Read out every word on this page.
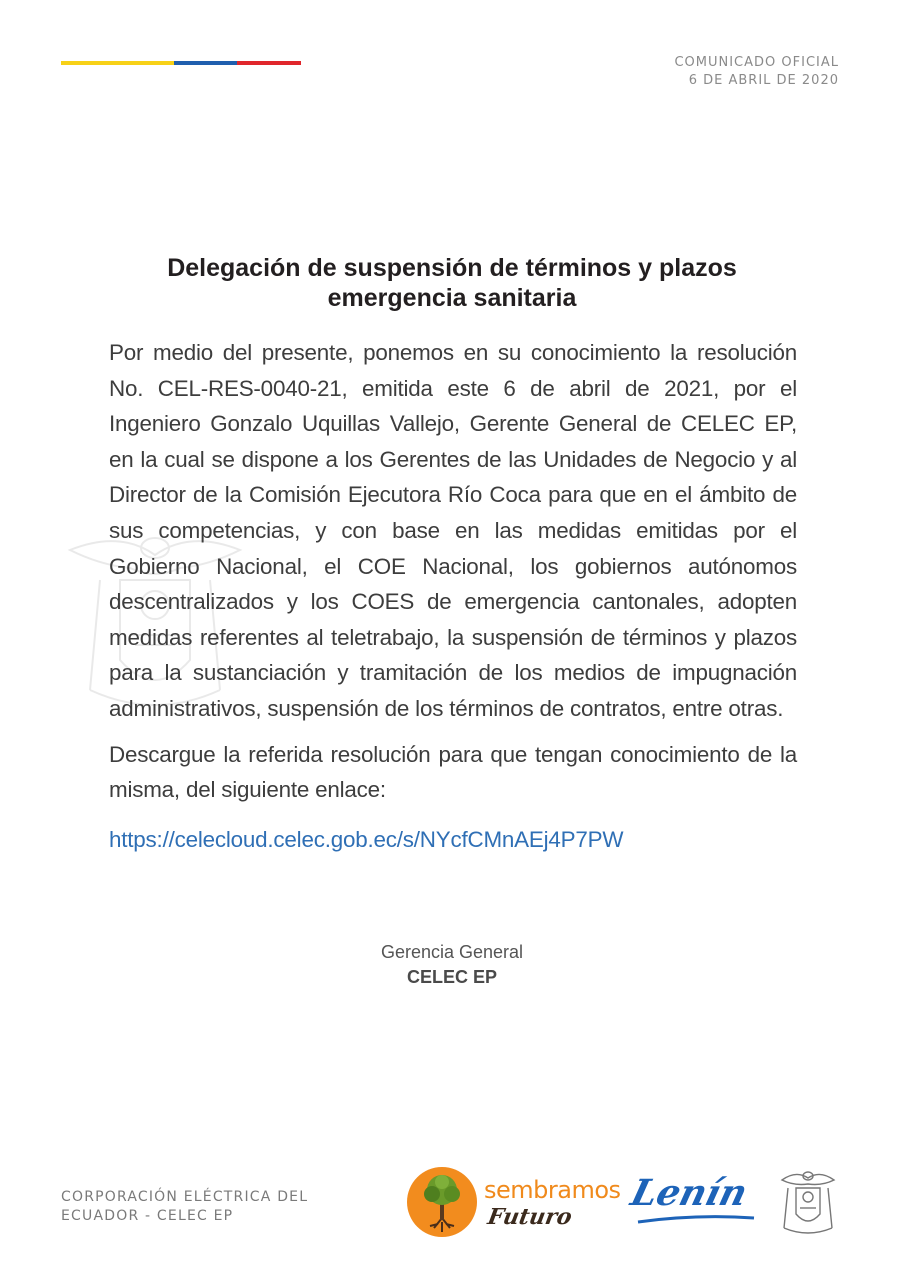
COMUNICADO OFICIAL
6 DE ABRIL DE 2020
Delegación de suspensión de términos y plazos
emergencia sanitaria

Por medio del presente, ponemos en su conocimiento la resolución No. CEL-RES-0040-21, emitida este 6 de abril de 2021, por el Ingeniero Gonzalo Uquillas Vallejo, Gerente General de CELEC EP, en la cual se dispone a los Gerentes de las Unidades de Negocio y al Director de la Comisión Ejecutora Río Coca para que en el ámbito de sus competencias, y con base en las medidas emitidas por el Gobierno Nacional, el COE Nacional, los gobiernos autónomos descentralizados y los COES de emergencia cantonales, adopten medidas referentes al teletrabajo, la suspensión de términos y plazos para la sustanciación y tramitación de los medios de impugnación administrativos, suspensión de los términos de contratos, entre otras.

Descargue la referida resolución para que tengan conocimiento de la misma, del siguiente enlace:

https://celecloud.celec.gob.ec/s/NYcfCMnAEj4P7PW

Gerencia General
CELEC EP
CORPORACIÓN ELÉCTRICA DEL
ECUADOR - CELEC EP
sembramos
Futuro
Lenín
